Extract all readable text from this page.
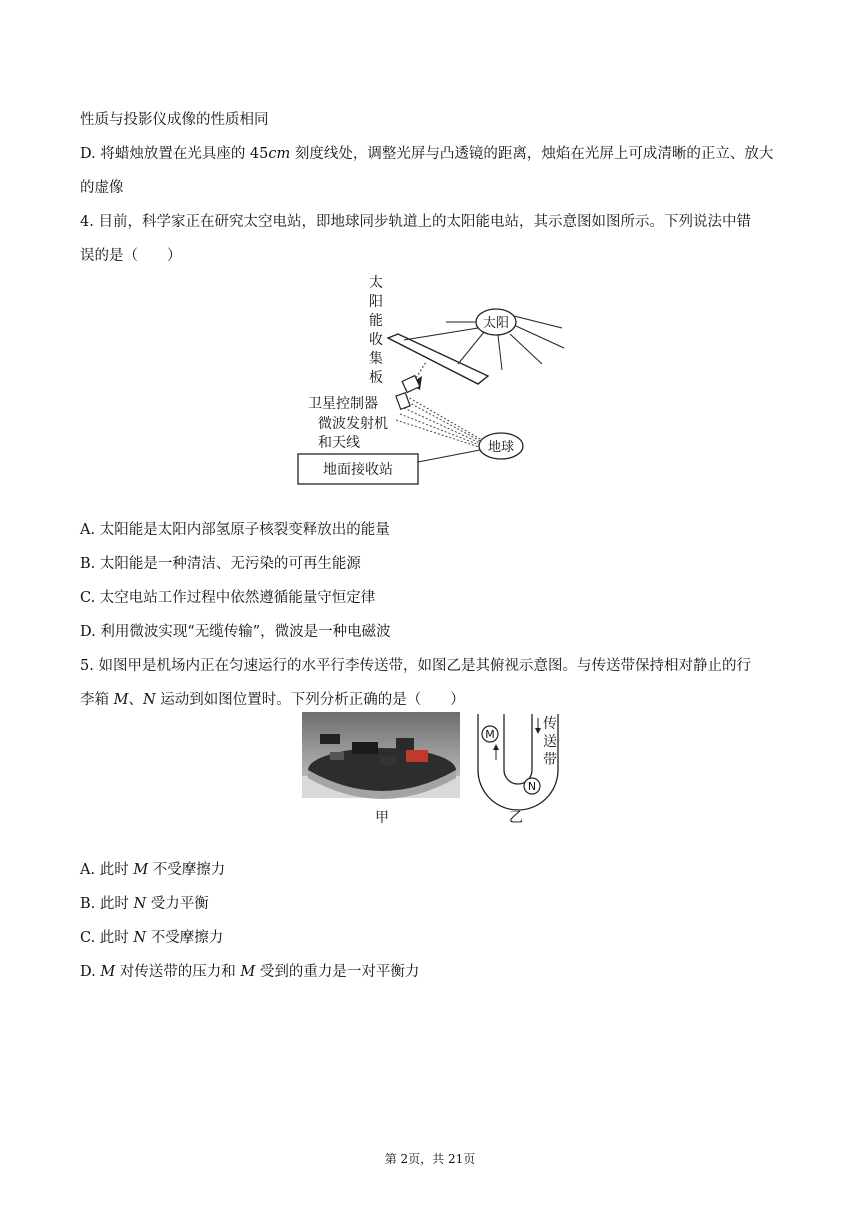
性质与投影仪成像的性质相同
D. 将蜡烛放置在光具座的 45cm 刻度线处，调整光屏与凸透镜的距离，烛焰在光屏上可成清晰的正立、放大
的虚像
4. 目前，科学家正在研究太空电站，即地球同步轨道上的太阳能电站，其示意图如图所示。下列说法中错
误的是（　　）
太
阳
能
收
集
板
太阳
卫星控制器
微波发射机
和天线	地球
地面接收站
A. 太阳能是太阳内部氢原子核裂变释放出的能量
B. 太阳能是一种清洁、无污染的可再生能源
C. 太空电站工作过程中依然遵循能量守恒定律
D. 利用微波实现“无缆传输”，微波是一种电磁波
5. 如图甲是机场内正在匀速运行的水平行李传送带，如图乙是其俯视示意图。与传送带保持相对静止的行
李箱 M、N 运动到如图位置时。下列分析正确的是（　　）
甲
M
N
传
送
带
乙
A. 此时 M 不受摩擦力
B. 此时 N 受力平衡
C. 此时 N 不受摩擦力
D. M 对传送带的压力和 M 受到的重力是一对平衡力
第 2页，共 21页
